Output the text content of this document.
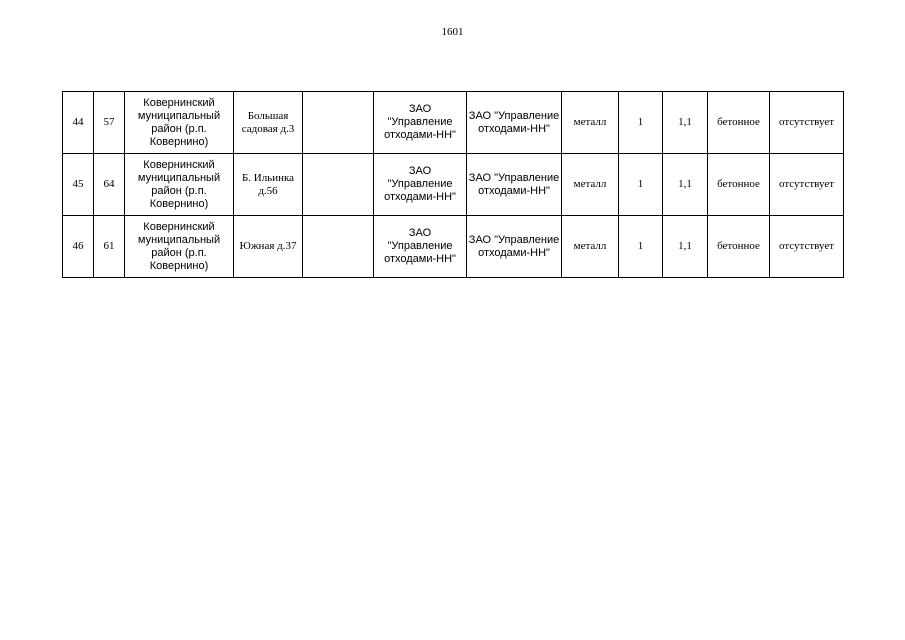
1601
44	57	Ковернинский
муниципальный
район (р.п.
Ковернино)	Большая
садовая д.3		ЗАО
"Управление
отходами-НН"	ЗАО "Управление
отходами-НН"	металл	1	1,1	бетонное	отсутствует
45	64	Ковернинский
муниципальный
район (р.п.
Ковернино)	Б. Ильинка
д.56		ЗАО
"Управление
отходами-НН"	ЗАО "Управление
отходами-НН"	металл	1	1,1	бетонное	отсутствует
46	61	Ковернинский
муниципальный
район (р.п.
Ковернино)	Южная д.37		ЗАО
"Управление
отходами-НН"	ЗАО "Управление
отходами-НН"	металл	1	1,1	бетонное	отсутствует
